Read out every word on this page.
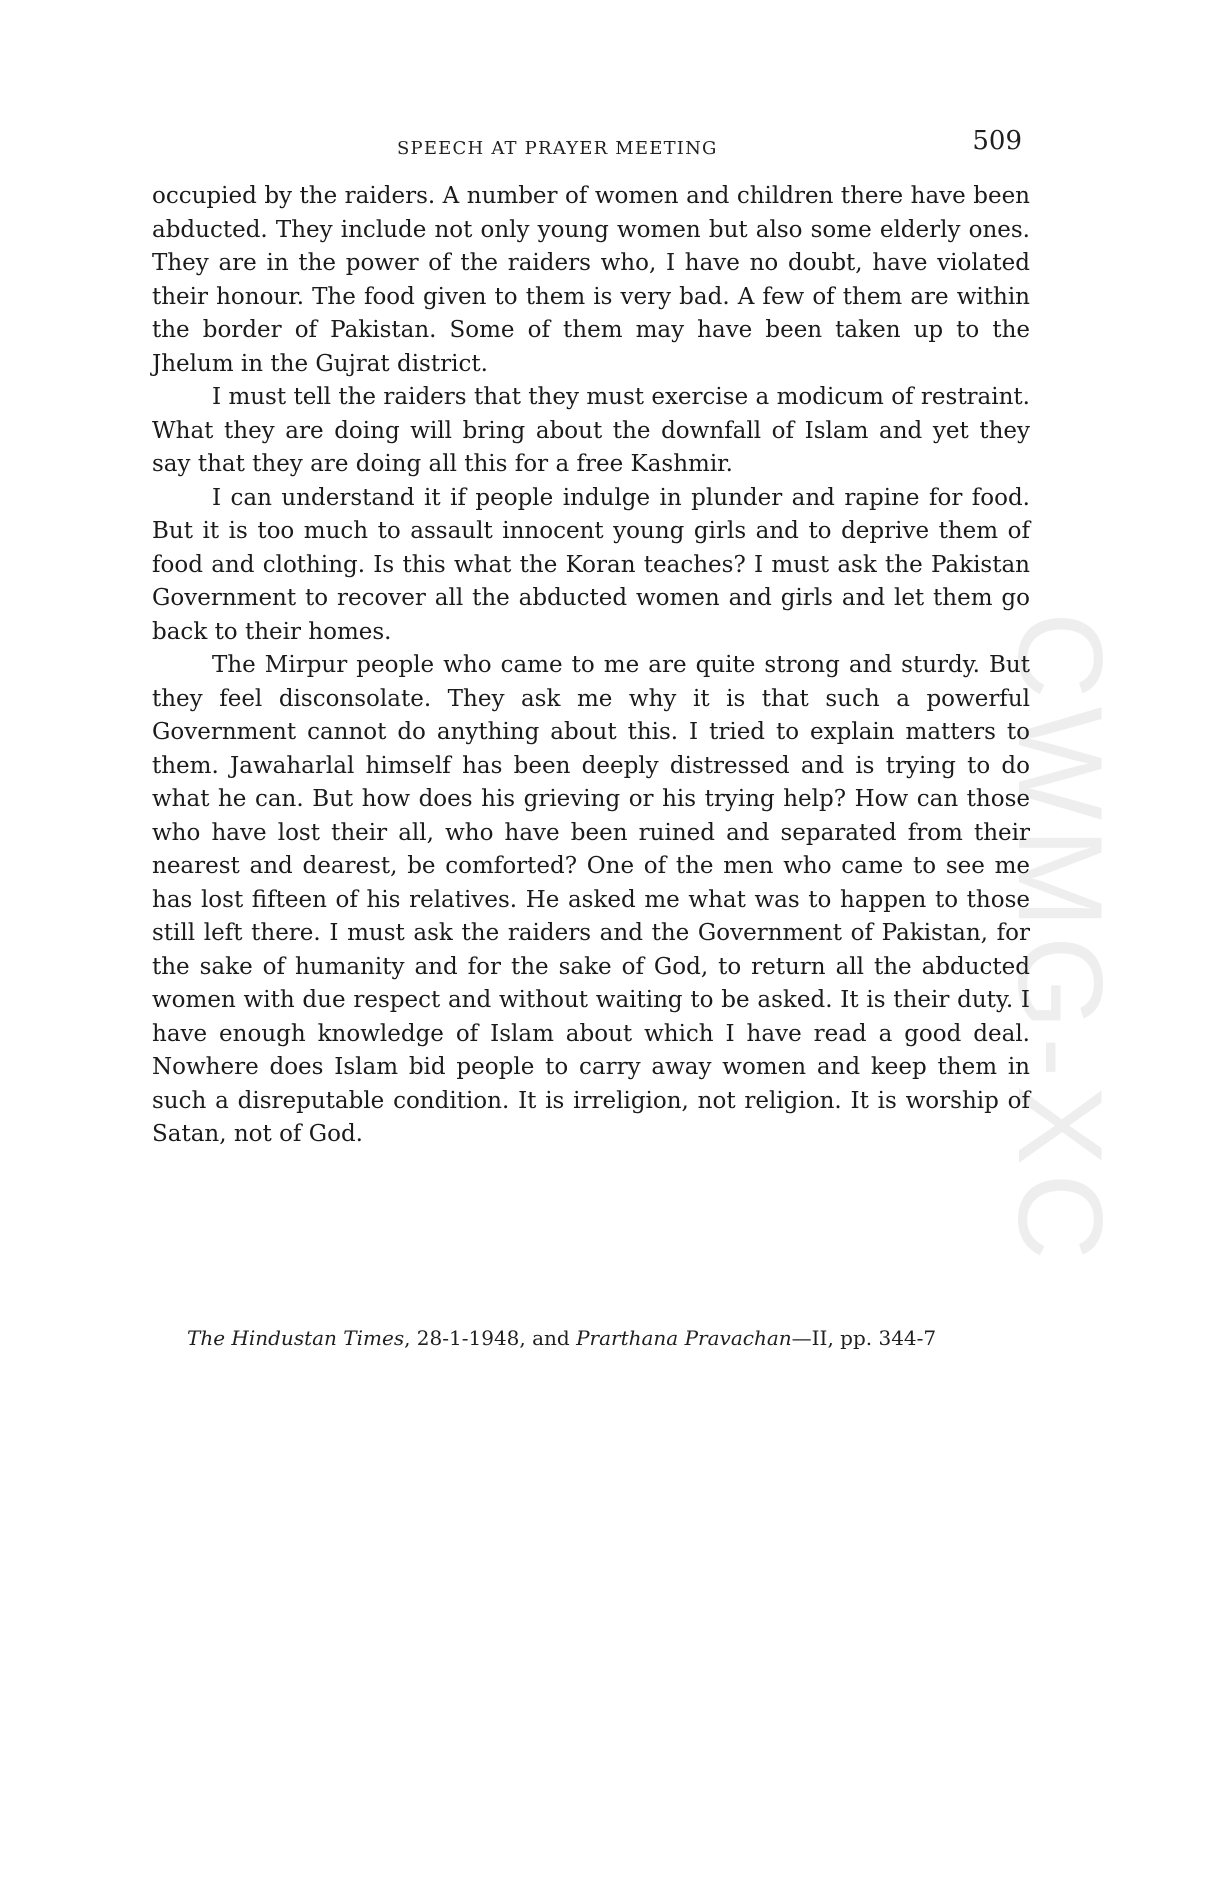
CWMG-XC
SPEECH AT PRAYER MEETING	509

occupied by the raiders. A number of women and children there have been abducted. They include not only young women but also some elderly ones. They are in the power of the raiders who, I have no doubt, have violated their honour. The food given to them is very bad. A few of them are within the border of Pakistan. Some of them may have been taken up to the Jhelum in the Gujrat district.

I must tell the raiders that they must exercise a modicum of restraint. What they are doing will bring about the downfall of Islam and yet they say that they are doing all this for a free Kashmir.

I can understand it if people indulge in plunder and rapine for food. But it is too much to assault innocent young girls and to deprive them of food and clothing. Is this what the Koran teaches? I must ask the Pakistan Government to recover all the abducted women and girls and let them go back to their homes.

The Mirpur people who came to me are quite strong and sturdy. But they feel disconsolate. They ask me why it is that such a powerful Government cannot do anything about this. I tried to explain matters to them. Jawaharlal himself has been deeply distressed and is trying to do what he can. But how does his grieving or his trying help? How can those who have lost their all, who have been ruined and separated from their nearest and dearest, be comforted? One of the men who came to see me has lost fifteen of his relatives. He asked me what was to happen to those still left there. I must ask the raiders and the Government of Pakistan, for the sake of humanity and for the sake of God, to return all the abducted women with due respect and without waiting to be asked. It is their duty. I have enough knowledge of Islam about which I have read a good deal. Nowhere does Islam bid people to carry away women and keep them in such a disreputable condition. It is irreligion, not religion. It is worship of Satan, not of God.

The Hindustan Times, 28-1-1948, and Prarthana Pravachan—II, pp. 344-7
